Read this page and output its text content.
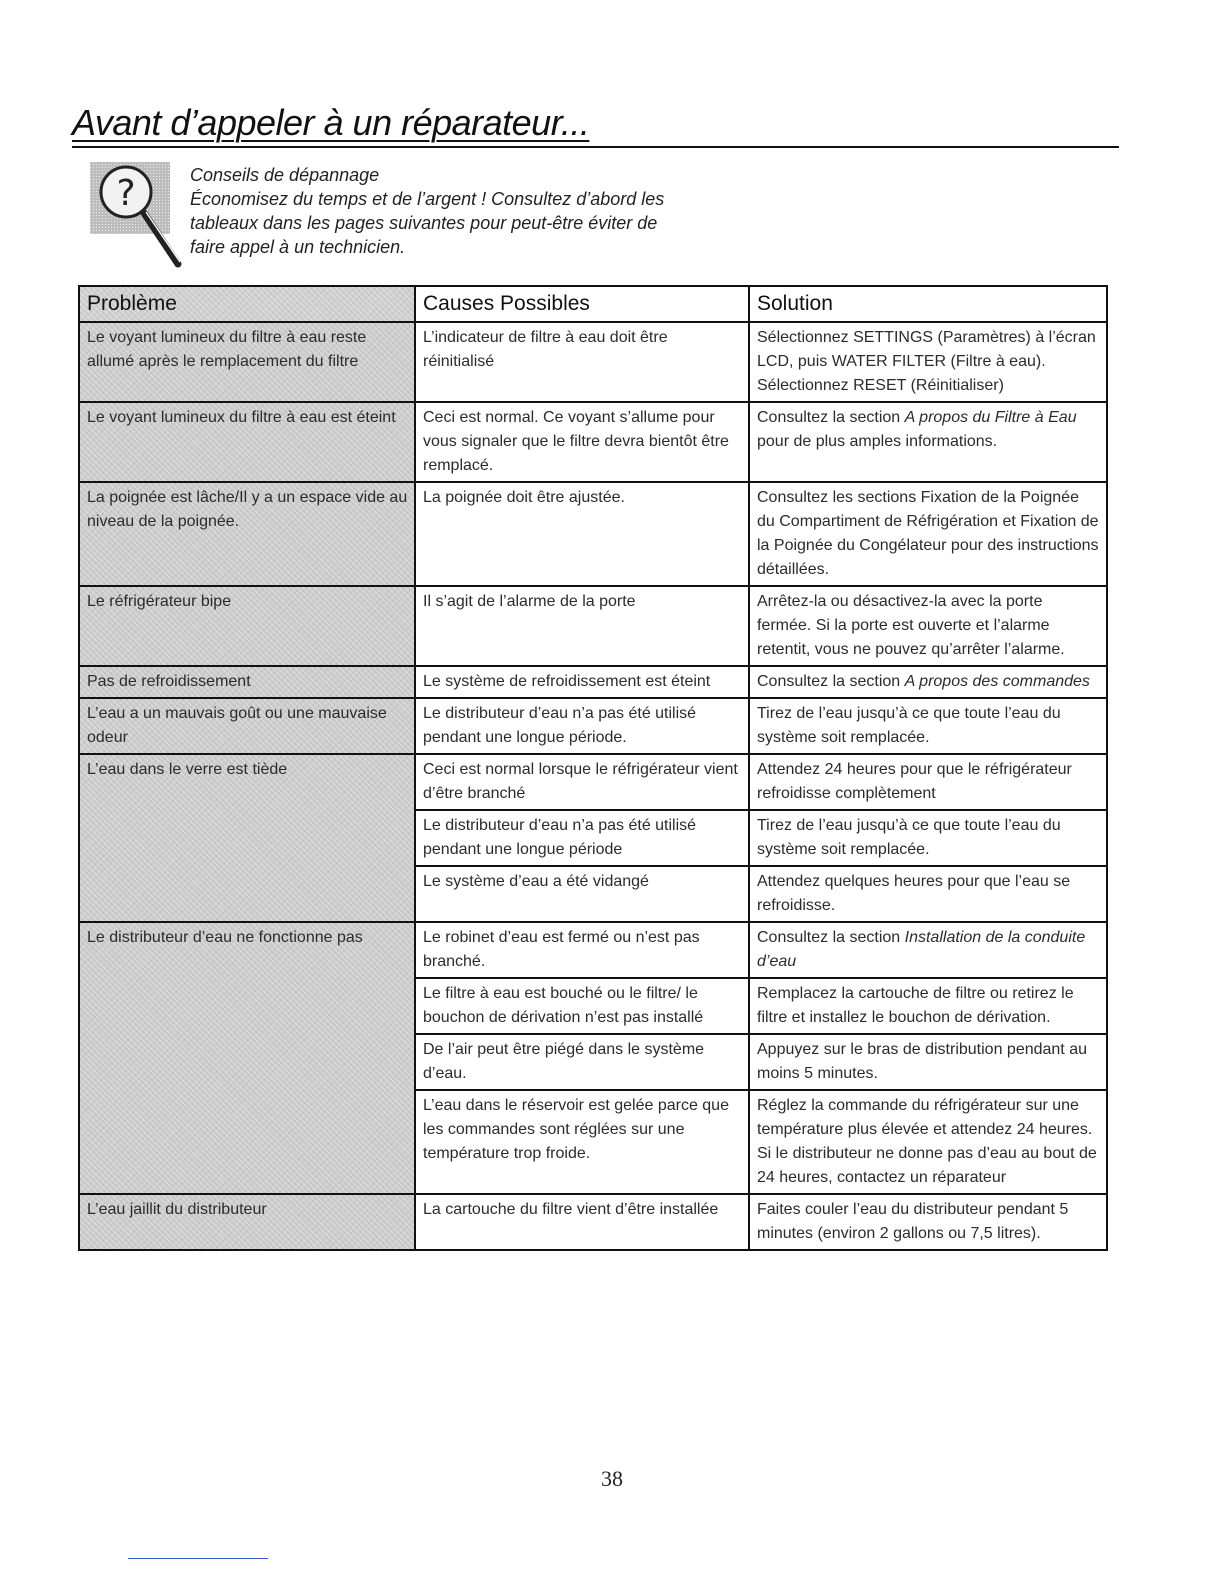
Avant d’appeler à un réparateur...
?	Conseils de dépannage
Économisez du temps et de l’argent ! Consultez d’abord les
tableaux dans les pages suivantes pour peut-être éviter de
faire appel à un technicien.
Problème	Causes Possibles	Solution
Le voyant lumineux du filtre à eau reste allumé après le remplacement du filtre	L’indicateur de filtre à eau doit être réinitialisé	Sélectionnez SETTINGS (Paramètres) à l’écran LCD, puis WATER FILTER (Filtre à eau). Sélectionnez RESET (Réinitialiser)
Le voyant lumineux du filtre à eau est éteint	Ceci est normal. Ce voyant s’allume pour vous signaler que le filtre devra bientôt être remplacé.	Consultez la section A propos du Filtre à Eau pour de plus amples informations.
La poignée est lâche/Il y a un espace vide au niveau de la poignée.	La poignée doit être ajustée.	Consultez les sections Fixation de la Poignée du Compartiment de Réfrigération et Fixation de la Poignée du Congélateur pour des instructions détaillées.
Le réfrigérateur bipe	Il s’agit de l’alarme de la porte	Arrêtez-la ou désactivez-la avec la porte fermée. Si la porte est ouverte et l’alarme retentit, vous ne pouvez qu’arrêter l’alarme.
Pas de refroidissement	Le système de refroidissement est éteint	Consultez la section A propos des commandes
L’eau a un mauvais goût ou une mauvaise odeur	Le distributeur d’eau n’a pas été utilisé pendant une longue période.	Tirez de l’eau jusqu’à ce que toute l’eau du système soit remplacée.
L’eau dans le verre est tiède	Ceci est normal lorsque le réfrigérateur vient d’être branché	Attendez 24 heures pour que le réfrigérateur refroidisse complètement
	Le distributeur d’eau n’a pas été utilisé pendant une longue période	Tirez de l’eau jusqu’à ce que toute l’eau du système soit remplacée.
	Le système d’eau a été vidangé	Attendez quelques heures pour que l’eau se refroidisse.
Le distributeur d’eau ne fonctionne pas	Le robinet d’eau est fermé ou n’est pas branché.	Consultez la section Installation de la conduite d’eau
	Le filtre à eau est bouché ou le filtre/ le bouchon de dérivation n’est pas installé	Remplacez la cartouche de filtre ou retirez le filtre et installez le bouchon de dérivation.
	De l’air peut être piégé dans le système d’eau.	Appuyez sur le bras de distribution pendant au moins 5 minutes.
	L’eau dans le réservoir est gelée parce que les commandes sont réglées sur une température trop froide.	Réglez la commande du réfrigérateur sur une température plus élevée et attendez 24 heures. Si le distributeur ne donne pas d’eau au bout de 24 heures, contactez un réparateur
L’eau jaillit du distributeur	La cartouche du filtre vient d’être installée	Faites couler l’eau du distributeur pendant 5 minutes (environ 2 gallons ou 7,5 litres).
38
